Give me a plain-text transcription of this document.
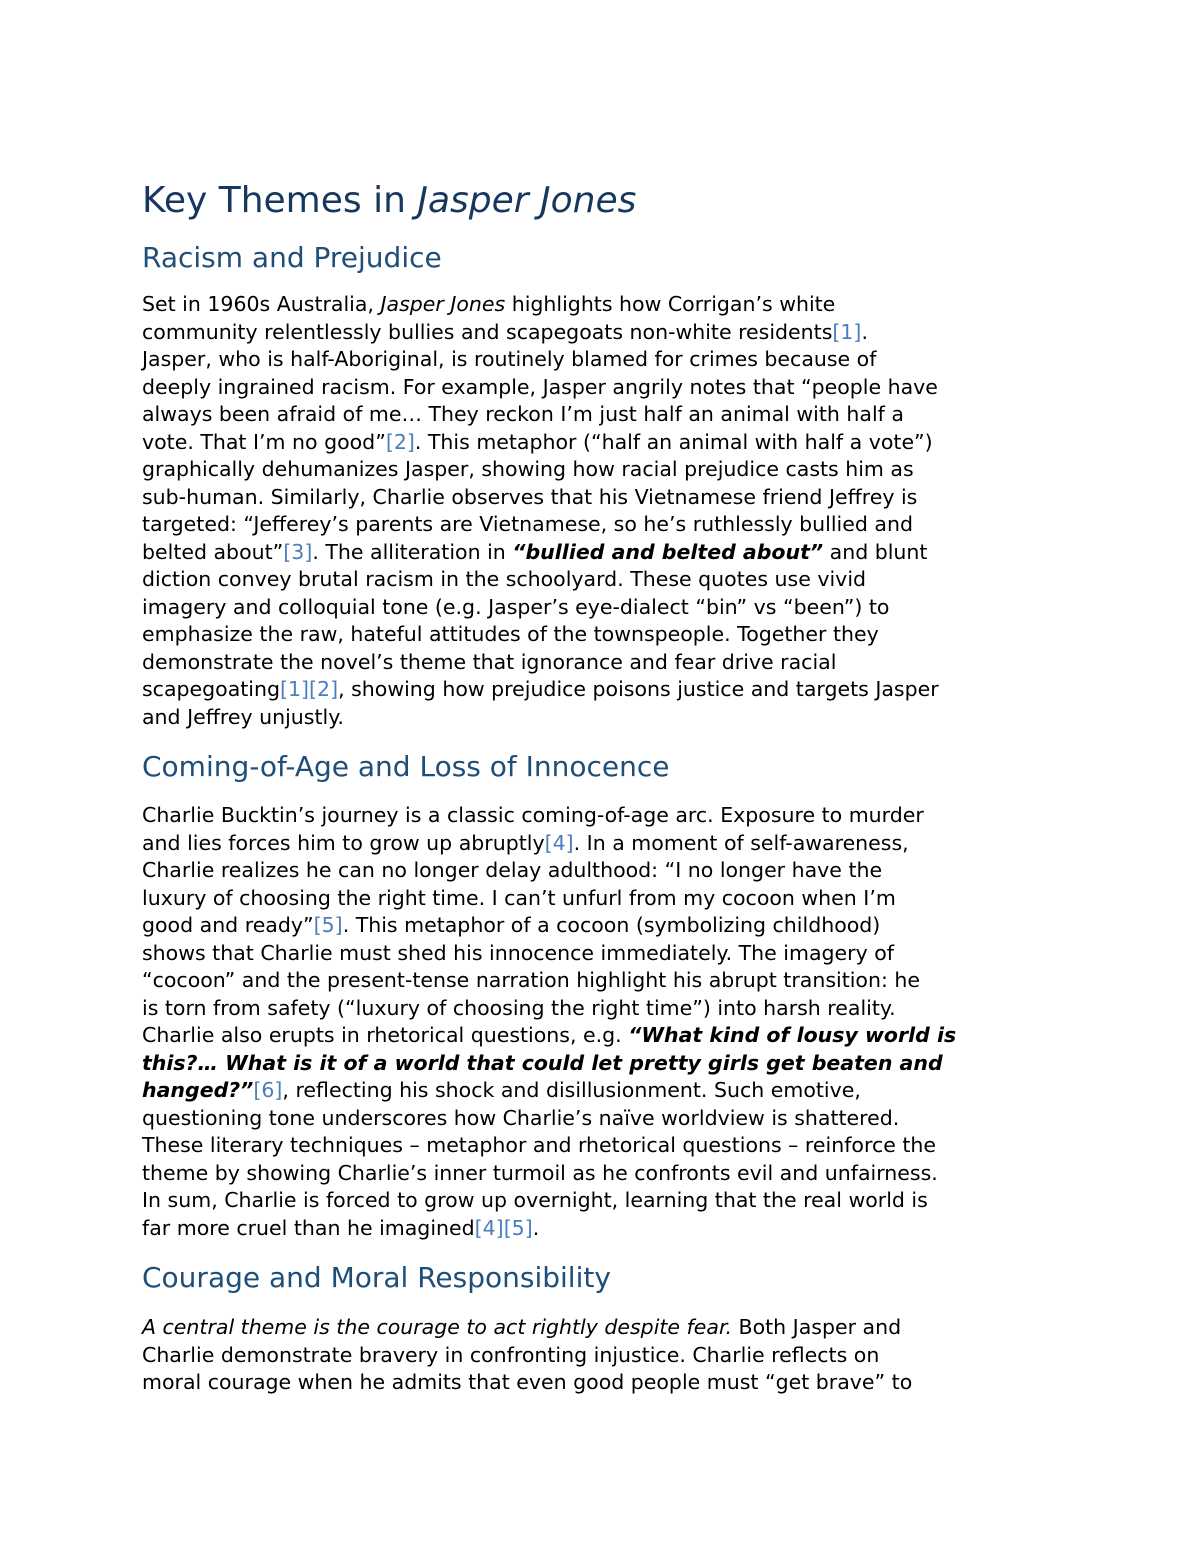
Key Themes in Jasper Jones
Racism and Prejudice

Set in 1960s Australia, Jasper Jones highlights how Corrigan’s white
community relentlessly bullies and scapegoats non-white residents[1].
Jasper, who is half-Aboriginal, is routinely blamed for crimes because of
deeply ingrained racism. For example, Jasper angrily notes that “people have
always been afraid of me… They reckon I’m just half an animal with half a
vote. That I’m no good”[2]. This metaphor (“half an animal with half a vote”)
graphically dehumanizes Jasper, showing how racial prejudice casts him as
sub-human. Similarly, Charlie observes that his Vietnamese friend Jeffrey is
targeted: “Jefferey’s parents are Vietnamese, so he’s ruthlessly bullied and
belted about”[3]. The alliteration in “bullied and belted about” and blunt
diction convey brutal racism in the schoolyard. These quotes use vivid
imagery and colloquial tone (e.g. Jasper’s eye-dialect “bin” vs “been”) to
emphasize the raw, hateful attitudes of the townspeople. Together they
demonstrate the novel’s theme that ignorance and fear drive racial
scapegoating[1][2], showing how prejudice poisons justice and targets Jasper
and Jeffrey unjustly.

Coming-of-Age and Loss of Innocence

Charlie Bucktin’s journey is a classic coming-of-age arc. Exposure to murder
and lies forces him to grow up abruptly[4]. In a moment of self-awareness,
Charlie realizes he can no longer delay adulthood: “I no longer have the
luxury of choosing the right time. I can’t unfurl from my cocoon when I’m
good and ready”[5]. This metaphor of a cocoon (symbolizing childhood)
shows that Charlie must shed his innocence immediately. The imagery of
“cocoon” and the present-tense narration highlight his abrupt transition: he
is torn from safety (“luxury of choosing the right time”) into harsh reality.
Charlie also erupts in rhetorical questions, e.g. “What kind of lousy world is
this?… What is it of a world that could let pretty girls get beaten and
hanged?”[6], reflecting his shock and disillusionment. Such emotive,
questioning tone underscores how Charlie’s naïve worldview is shattered.
These literary techniques – metaphor and rhetorical questions – reinforce the
theme by showing Charlie’s inner turmoil as he confronts evil and unfairness.
In sum, Charlie is forced to grow up overnight, learning that the real world is
far more cruel than he imagined[4][5].

Courage and Moral Responsibility

A central theme is the courage to act rightly despite fear. Both Jasper and
Charlie demonstrate bravery in confronting injustice. Charlie reflects on
moral courage when he admits that even good people must “get brave” to
